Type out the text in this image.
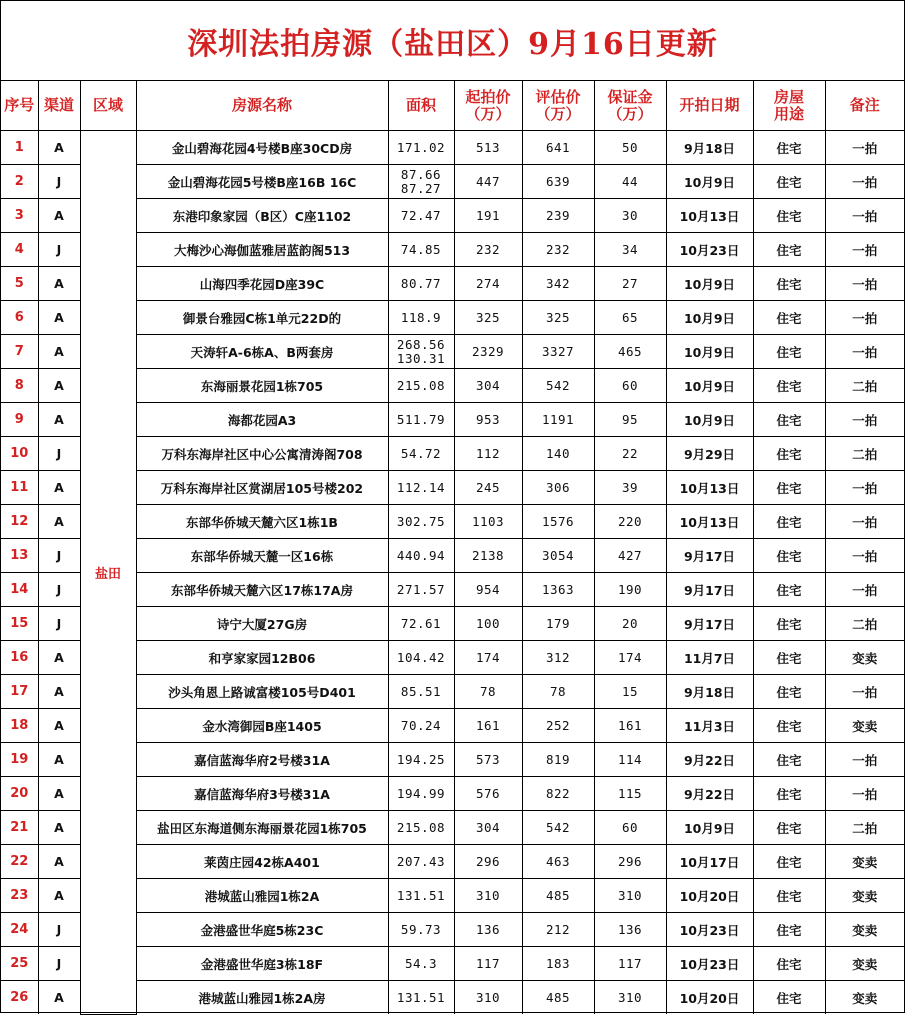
深圳法拍房源（盐田区）9月16日更新
序号	渠道	区域	房源名称	面积	起拍价
（万）	评估价
（万）	保证金
（万）	开拍日期	房屋
用途	备注
1	A	盐田	金山碧海花园4号楼B座30CD房	171.02	513	641	50	9月18日	住宅	一拍
2	J		金山碧海花园5号楼B座16B 16C	87.66
87.27	447	639	44	10月9日	住宅	一拍
3	A		东港印象家园（B区）C座1102	72.47	191	239	30	10月13日	住宅	一拍
4	J		大梅沙心海伽蓝雅居蓝韵阁513	74.85	232	232	34	10月23日	住宅	一拍
5	A		山海四季花园D座39C	80.77	274	342	27	10月9日	住宅	一拍
6	A		御景台雅园C栋1单元22D的	118.9	325	325	65	10月9日	住宅	一拍
7	A		天涛轩A-6栋A、B两套房	268.56
130.31	2329	3327	465	10月9日	住宅	一拍
8	A		东海丽景花园1栋705	215.08	304	542	60	10月9日	住宅	二拍
9	A		海都花园A3	511.79	953	1191	95	10月9日	住宅	一拍
10	J		万科东海岸社区中心公寓清涛阁708	54.72	112	140	22	9月29日	住宅	二拍
11	A		万科东海岸社区赏湖居105号楼202	112.14	245	306	39	10月13日	住宅	一拍
12	A		东部华侨城天麓六区1栋1B	302.75	1103	1576	220	10月13日	住宅	一拍
13	J		东部华侨城天麓一区16栋	440.94	2138	3054	427	9月17日	住宅	一拍
14	J		东部华侨城天麓六区17栋17A房	271.57	954	1363	190	9月17日	住宅	一拍
15	J		诗宁大厦27G房	72.61	100	179	20	9月17日	住宅	二拍
16	A		和亨家家园12B06	104.42	174	312	174	11月7日	住宅	变卖
17	A		沙头角恩上路诚富楼105号D401	85.51	78	78	15	9月18日	住宅	一拍
18	A		金水湾御园B座1405	70.24	161	252	161	11月3日	住宅	变卖
19	A		嘉信蓝海华府2号楼31A	194.25	573	819	114	9月22日	住宅	一拍
20	A		嘉信蓝海华府3号楼31A	194.99	576	822	115	9月22日	住宅	一拍
21	A		盐田区东海道侧东海丽景花园1栋705	215.08	304	542	60	10月9日	住宅	二拍
22	A		莱茵庄园42栋A401	207.43	296	463	296	10月17日	住宅	变卖
23	A		港城蓝山雅园1栋2A	131.51	310	485	310	10月20日	住宅	变卖
24	J		金港盛世华庭5栋23C	59.73	136	212	136	10月23日	住宅	变卖
25	J		金港盛世华庭3栋18F	54.3	117	183	117	10月23日	住宅	变卖
26	A		港城蓝山雅园1栋2A房	131.51	310	485	310	10月20日	住宅	变卖
